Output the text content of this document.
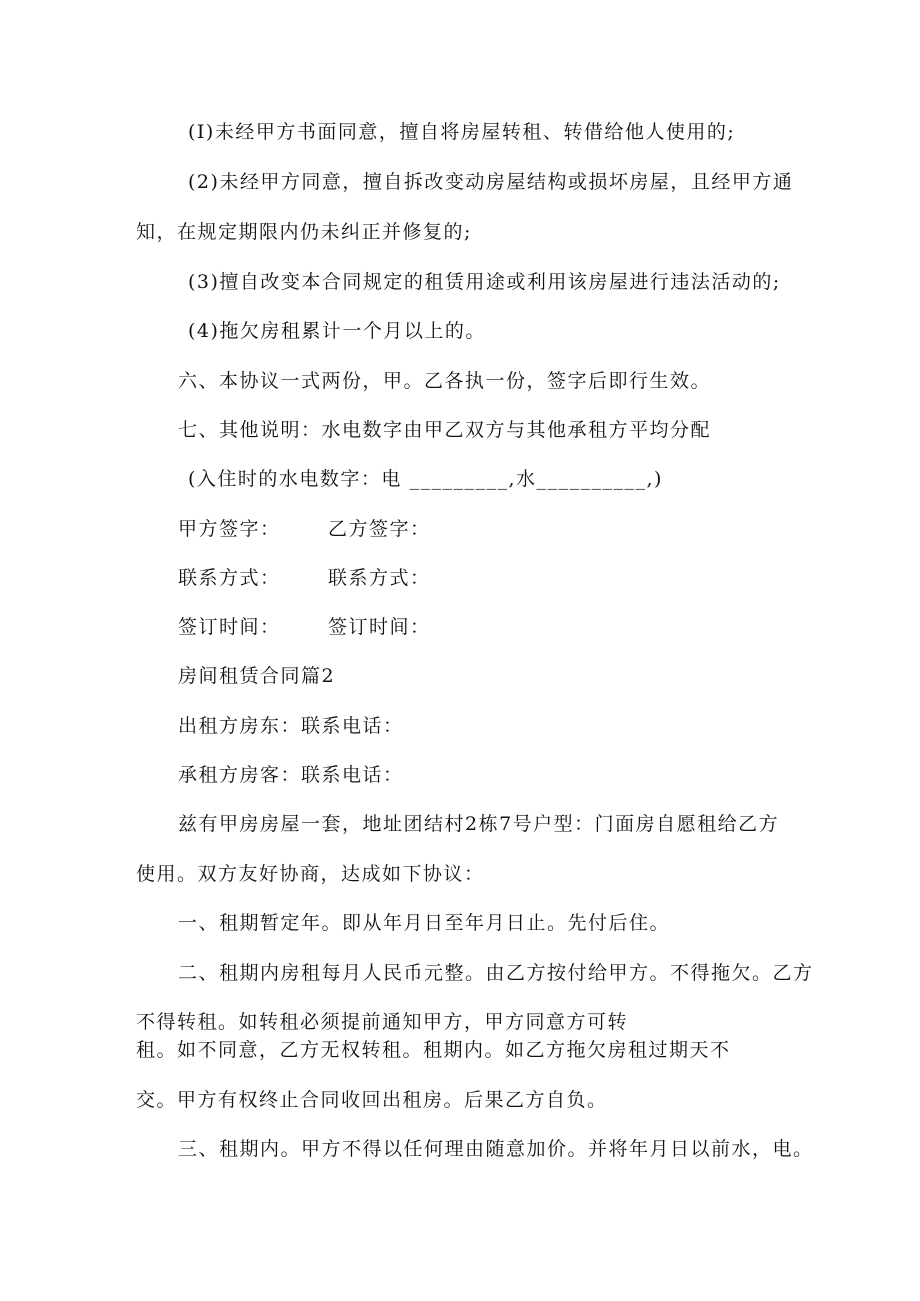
(I)未经甲方书面同意，擅自将房屋转租、转借给他人使用的;

(2)未经甲方同意，擅自拆改变动房屋结构或损坏房屋，且经甲方通

知，在规定期限内仍未纠正并修复的;

(3)擅自改变本合同规定的租赁用途或利用该房屋进行违法活动的;

(4)拖欠房租累计一个月以上的。

六、本协议一式两份，甲。乙各执一份，签字后即行生效。

七、其他说明：水电数字由甲乙双方与其他承租方平均分配

(入住时的水电数字：电 _________,水__________,)

甲方签字： 乙方签字：
联系方式： 联系方式：
签订时间： 签订时间：

房间租赁合同篇2

出租方房东：联系电话：

承租方房客：联系电话：

兹有甲房房屋一套，地址团结村2栋7号户型：门面房自愿租给乙方

使用。双方友好协商，达成如下协议：

一、租期暂定年。即从年月日至年月日止。先付后住。

二、租期内房租每月人民币元整。由乙方按付给甲方。不得拖欠。乙方

不得转租。如转租必须提前通知甲方，甲方同意方可转

租。如不同意，乙方无权转租。租期内。如乙方拖欠房租过期天不

交。甲方有权终止合同收回出租房。后果乙方自负。

三、租期内。甲方不得以任何理由随意加价。并将年月日以前水，电。
